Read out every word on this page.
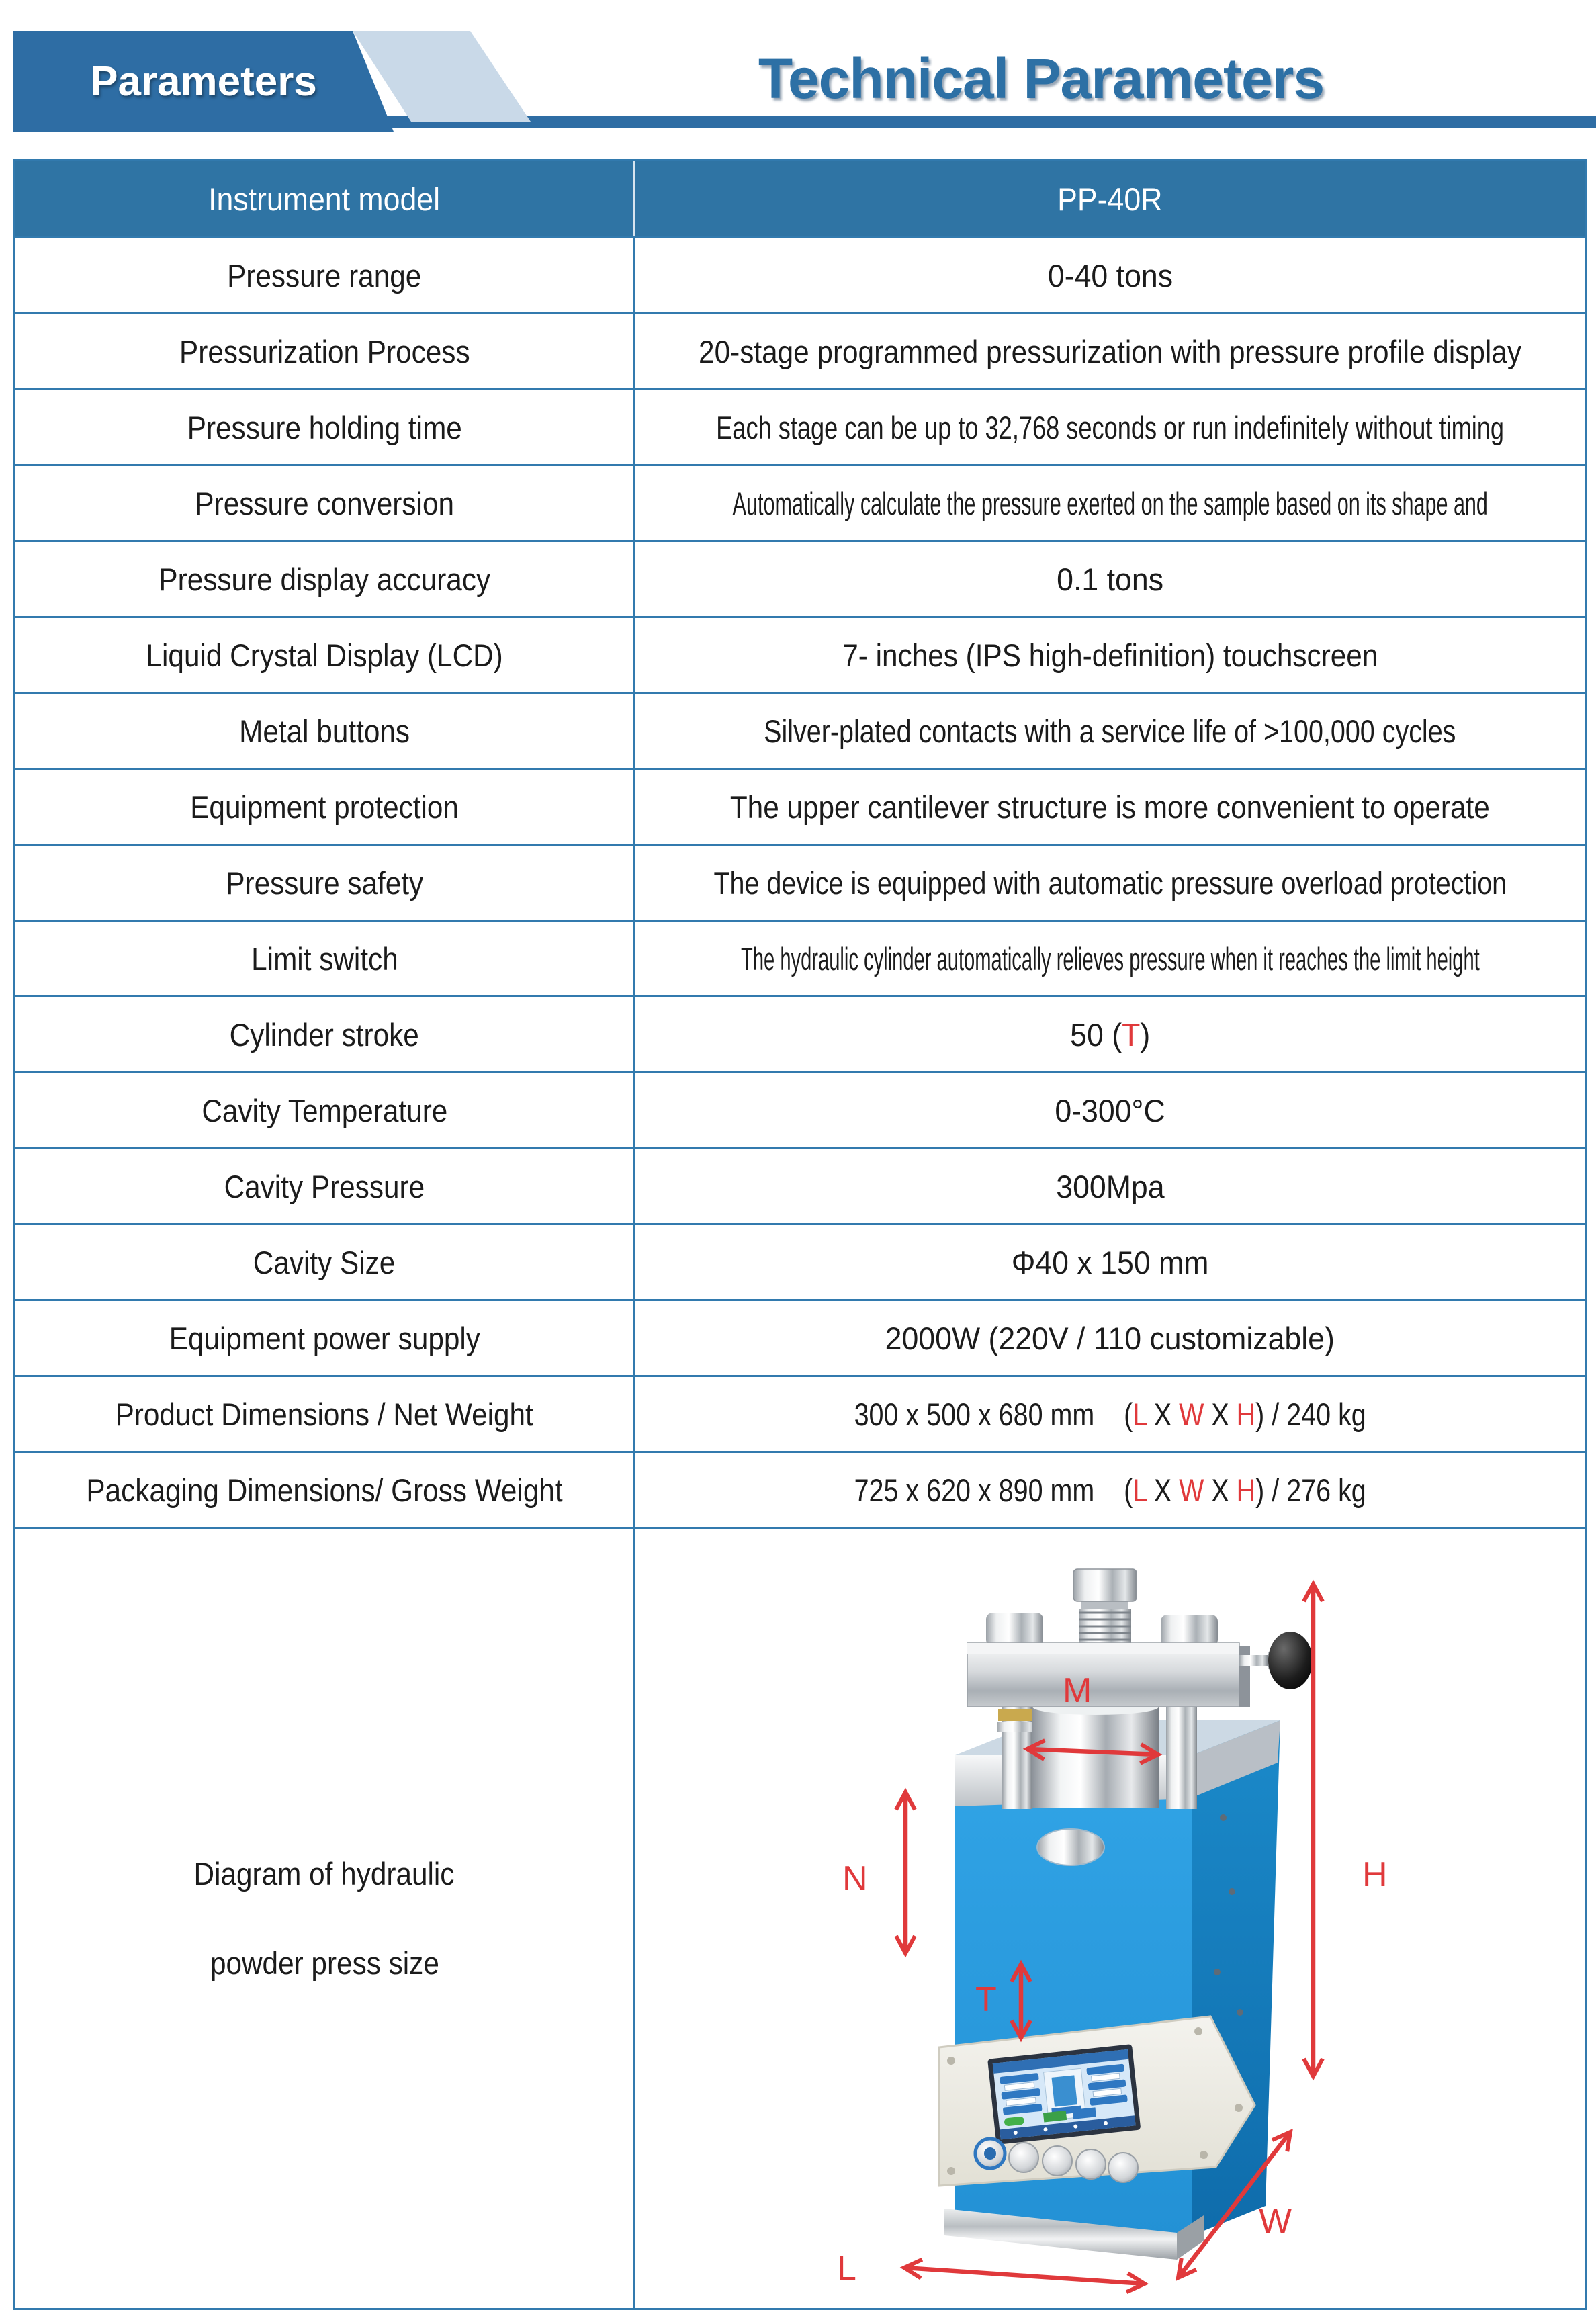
Parameters	Technical Parameters
Instrument model	PP-40R
Pressure range	0-40 tons
Pressurization Process	20-stage programmed pressurization with pressure profile display
Pressure holding time	Each stage can be up to 32,768 seconds or run indefinitely without timing
Pressure conversion	Automatically calculate the pressure exerted on the sample based on its shape and
Pressure display accuracy	0.1 tons
Liquid Crystal Display (LCD)	7- inches (IPS high-definition) touchscreen
Metal buttons	Silver-plated contacts with a service life of >100,000 cycles
Equipment protection	The upper cantilever structure is more convenient to operate
Pressure safety	The device is equipped with automatic pressure overload protection
Limit switch	The hydraulic cylinder automatically relieves pressure when it reaches the limit height
Cylinder stroke	50 (T)
Cavity Temperature	0-300°C
Cavity Pressure	300Mpa
Cavity Size	Φ40 x 150 mm
Equipment power supply	2000W (220V / 110 customizable)
Product Dimensions / Net Weight	300 x 500 x 680 mm    (L X W X H) / 240 kg
Packaging Dimensions/ Gross Weight	725 x 620 x 890 mm    (L X W X H) / 276 kg
Diagram of hydraulic
powder press size
M
N
T
H
W
L
